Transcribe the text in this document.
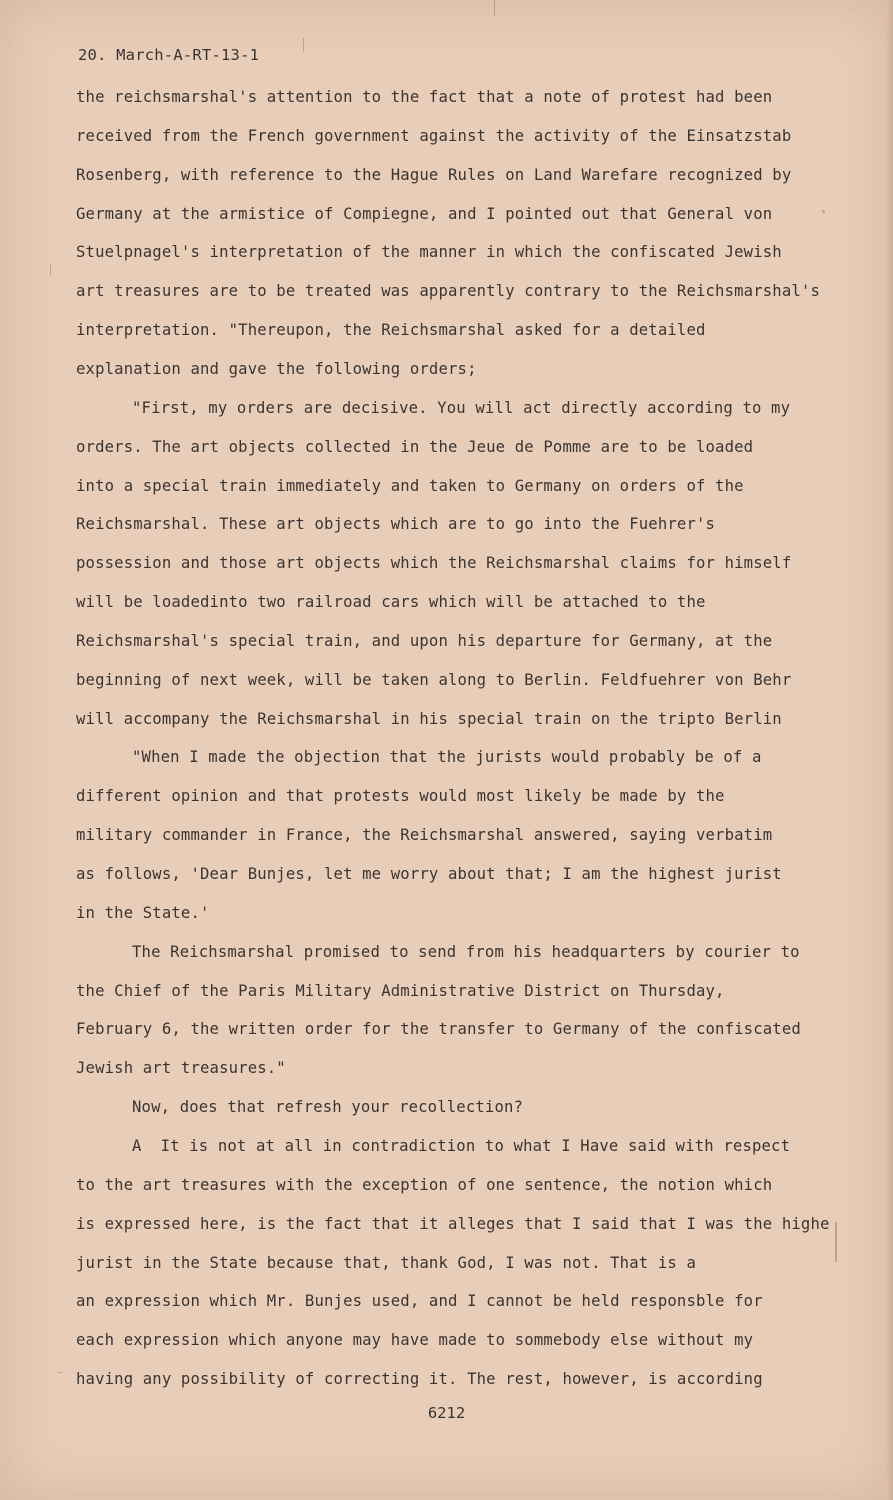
20. March-A-RT-13-1
the reichsmarshal's attention to the fact that a note of protest had been
received from the French government against the activity of the Einsatzstab
Rosenberg, with reference to the Hague Rules on Land Warefare recognized by
Germany at the armistice of Compiegne, and I pointed out that General von
Stuelpnagel's interpretation of the manner in which the confiscated Jewish
art treasures are to be treated was apparently contrary to the Reichsmarshal's
interpretation. "Thereupon, the Reichsmarshal asked for a detailed
explanation and gave the following orders;
"First, my orders are decisive. You will act directly according to my
orders. The art objects collected in the Jeue de Pomme are to be loaded
into a special train immediately and taken to Germany on orders of the
Reichsmarshal. These art objects which are to go into the Fuehrer's
possession and those art objects which the Reichsmarshal claims for himself
will be loadedinto two railroad cars which will be attached to the
Reichsmarshal's special train, and upon his departure for Germany, at the
beginning of next week, will be taken along to Berlin. Feldfuehrer von Behr
will accompany the Reichsmarshal in his special train on the tripto Berlin
"When I made the objection that the jurists would probably be of a
different opinion and that protests would most likely be made by the
military commander in France, the Reichsmarshal answered, saying verbatim
as follows, 'Dear Bunjes, let me worry about that; I am the highest jurist
in the State.'
The Reichsmarshal promised to send from his headquarters by courier to
the Chief of the Paris Military Administrative District on Thursday,
February 6, the written order for the transfer to Germany of the confiscated
Jewish art treasures."
Now, does that refresh your recollection?
A  It is not at all in contradiction to what I Have said with respect
to the art treasures with the exception of one sentence, the notion which
is expressed here, is the fact that it alleges that I said that I was the highe
jurist in the State because that, thank God, I was not. That is a
an expression which Mr. Bunjes used, and I cannot be held responsble for
each expression which anyone may have made to sommebody else without my
having any possibility of correcting it. The rest, however, is according
6212
